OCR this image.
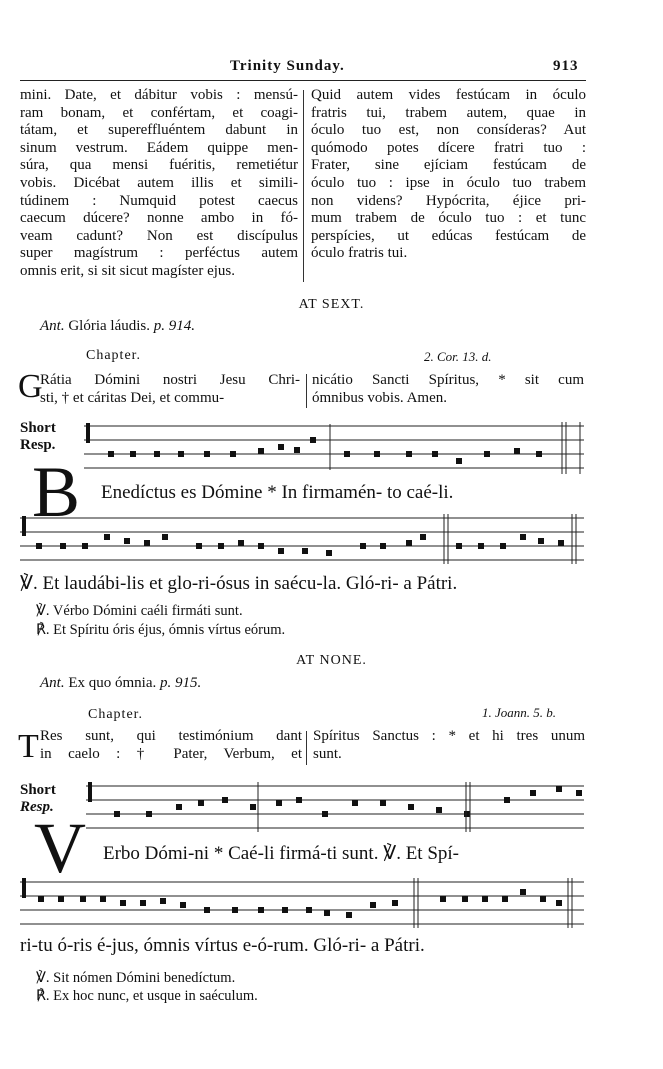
Trinity Sunday.	913
mini. Date, et dábitur vobis : mensú-
ram bonam, et confértam, et coagi-
tátam, et supereffluéntem dabunt in
sinum vestrum. Eádem quippe men-
súra, qua mensi fuéritis, remetiétur
vobis. Dicébat autem illis et simili-
túdinem : Numquid potest caecus
caecum dúcere? nonne ambo in fó-
veam cadunt? Non est discípulus
super magístrum : perféctus autem
omnis erit, si sit sicut magíster ejus.
Quid autem vides festúcam in óculo
fratris tui, trabem autem, quae in
óculo tuo est, non consíderas? Aut
quómodo potes dícere fratri tuo :
Frater, sine ejíciam festúcam de
óculo tuo : ipse in óculo tuo trabem
non videns? Hypócrita, éjice pri-
mum trabem de óculo tuo : et tunc
perspícies, ut edúcas festúcam de
óculo fratris tui.
AT SEXT.
Ant. Glória láudis. p. 914.
Chapter.	2. Cor. 13. d.
G
Rátia Dómini nostri Jesu Chri-
sti, † et cáritas Dei, et commu-
nicátio Sancti Spíritus, * sit cum
ómnibus vobis. Amen.
Short
Resp.
B Enedíctus es Dómine * In firmamén- to caé-li.
℣. Et laudábi-lis et glo-ri-ósus in saécu-la. Gló-ri- a Pátri.
℣. Vérbo Dómini caéli firmáti sunt.
℟. Et Spíritu óris éjus, ómnis vírtus eórum.
AT NONE.
Ant. Ex quo ómnia. p. 915.
Chapter.	1. Joann. 5. b.
T Res sunt, qui testimónium dant
in caelo : † Pater, Verbum, et
Spíritus Sanctus : * et hi tres unum
sunt.
Short
Resp.
V Erbo Dómi-ni * Caé-li firmá-ti sunt. ℣. Et Spí-
ri-tu ó-ris é-jus, ómnis vírtus e-ó-rum. Gló-ri- a Pátri.
℣. Sit nómen Dómini benedíctum.
℟. Ex hoc nunc, et usque in saéculum.
